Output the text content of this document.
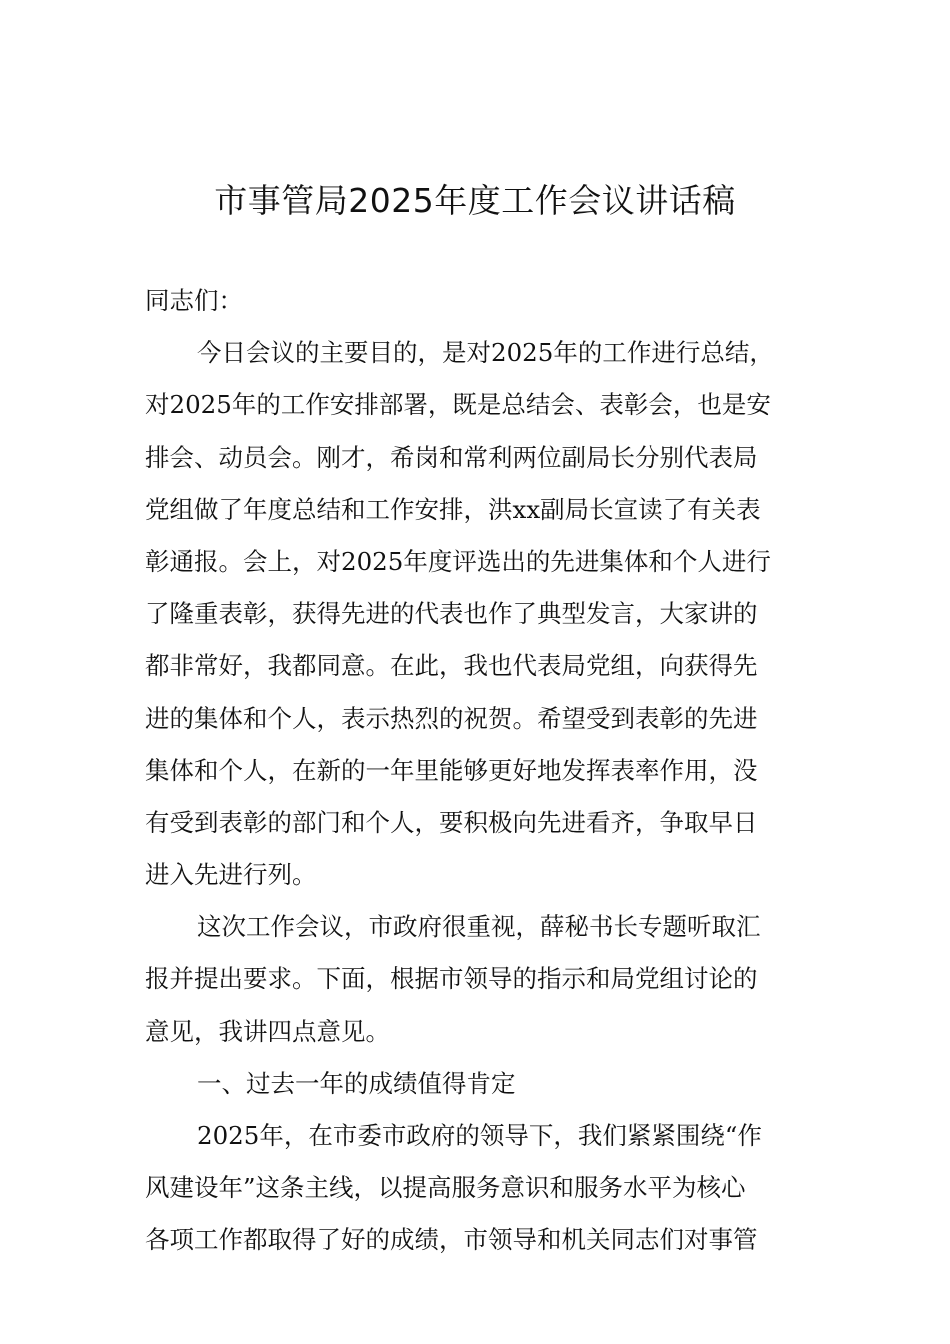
市事管局2025年度工作会议讲话稿
同志们：
今日会议的主要目的，是对2025年的工作进行总结，
对2025年的工作安排部署，既是总结会、表彰会，也是安
排会、动员会。刚才，希岗和常利两位副局长分别代表局
党组做了年度总结和工作安排，洪xx副局长宣读了有关表
彰通报。会上，对2025年度评选出的先进集体和个人进行
了隆重表彰，获得先进的代表也作了典型发言，大家讲的
都非常好，我都同意。在此，我也代表局党组，向获得先
进的集体和个人，表示热烈的祝贺。希望受到表彰的先进
集体和个人，在新的一年里能够更好地发挥表率作用，没
有受到表彰的部门和个人，要积极向先进看齐，争取早日
进入先进行列。
这次工作会议，市政府很重视，薛秘书长专题听取汇
报并提出要求。下面，根据市领导的指示和局党组讨论的
意见，我讲四点意见。
一、过去一年的成绩值得肯定
2025年，在市委市政府的领导下，我们紧紧围绕“作
风建设年”这条主线，以提高服务意识和服务水平为核心
各项工作都取得了好的成绩，市领导和机关同志们对事管
